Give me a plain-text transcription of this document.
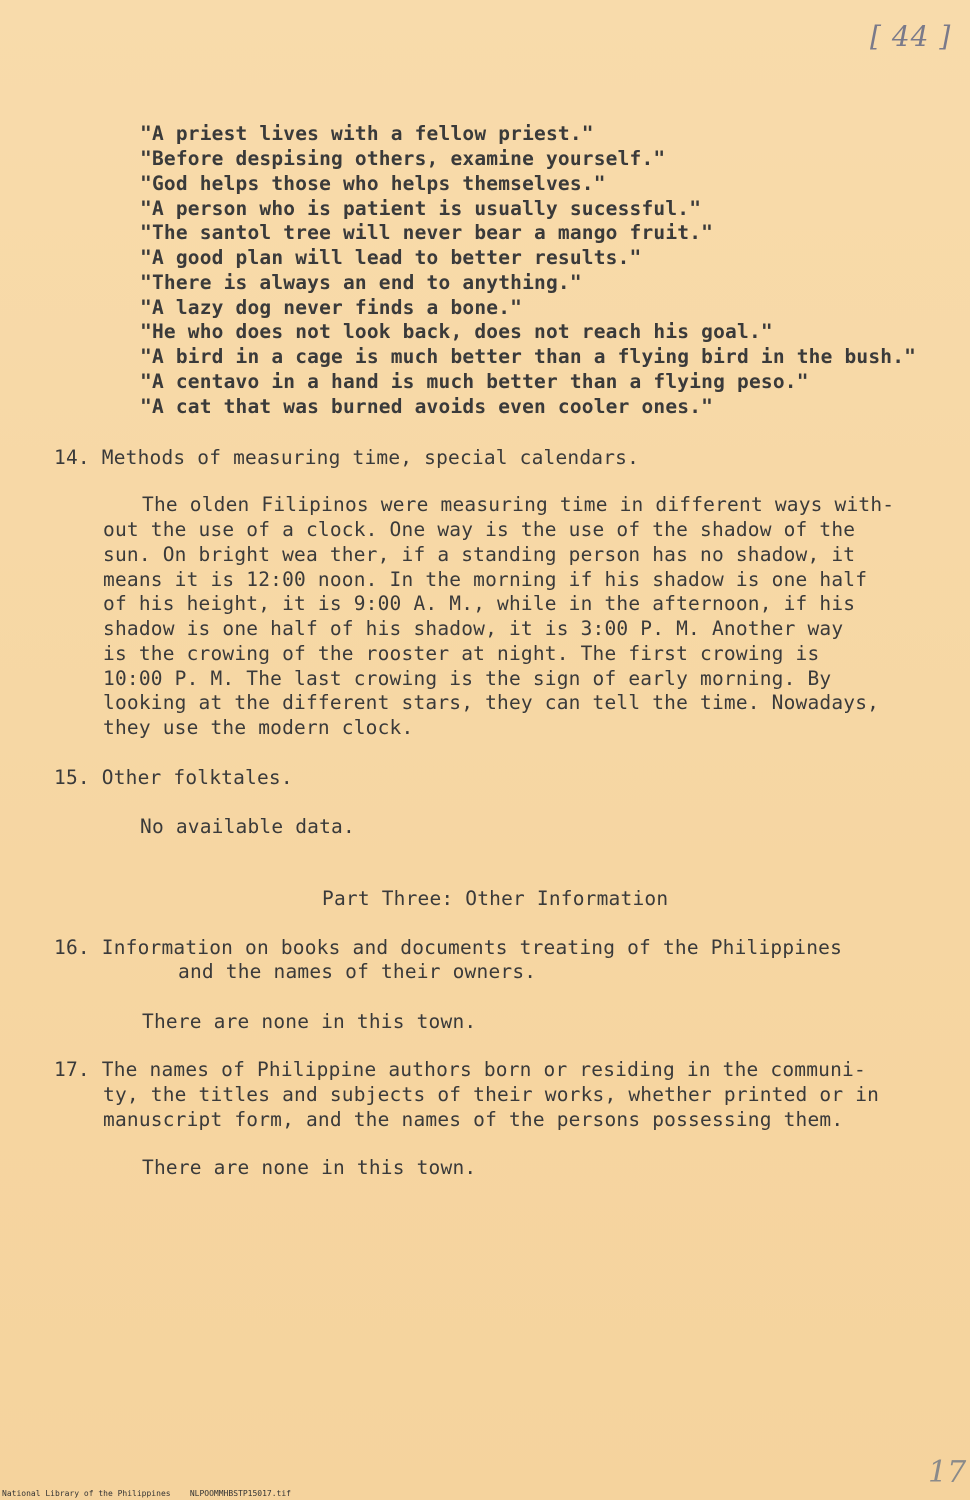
[ 44 ]
"A priest lives with a fellow priest."
"Before despising others, examine yourself."
"God helps those who helps themselves."
"A person who is patient is usually sucessful."
"The santol tree will never bear a mango fruit."
"A good plan will lead to better results."
"There is always an end to anything."
"A lazy dog never finds a bone."
"He who does not look back, does not reach his goal."
"A bird in a cage is much better than a flying bird in the bush."
"A centavo in a hand is much better than a flying peso."
"A cat that was burned avoids even cooler ones."
14. Methods of measuring time, special calendars.
The olden Filipinos were measuring time in different ways with-
out the use of a clock. One way is the use of the shadow of the
sun. On bright wea ther, if a standing person has no shadow, it
means it is 12:00 noon. In the morning if his shadow is one half
of his height, it is 9:00 A. M., while in the afternoon, if his
shadow is one half of his shadow, it is 3:00 P. M. Another way
is the crowing of the rooster at night. The first crowing is
10:00 P. M. The last crowing is the sign of early morning. By
looking at the different stars, they can tell the time. Nowadays,
they use the modern clock.
15. Other folktales.
No available data.
Part Three: Other Information
16. Information on books and documents treating of the Philippines
and the names of their owners.
There are none in this town.
17. The names of Philippine authors born or residing in the communi-
ty, the titles and subjects of their works, whether printed or in
manuscript form, and the names of the persons possessing them.
There are none in this town.
17
National Library of the Philippines    NLPOOMMHBSTP15017.tif
